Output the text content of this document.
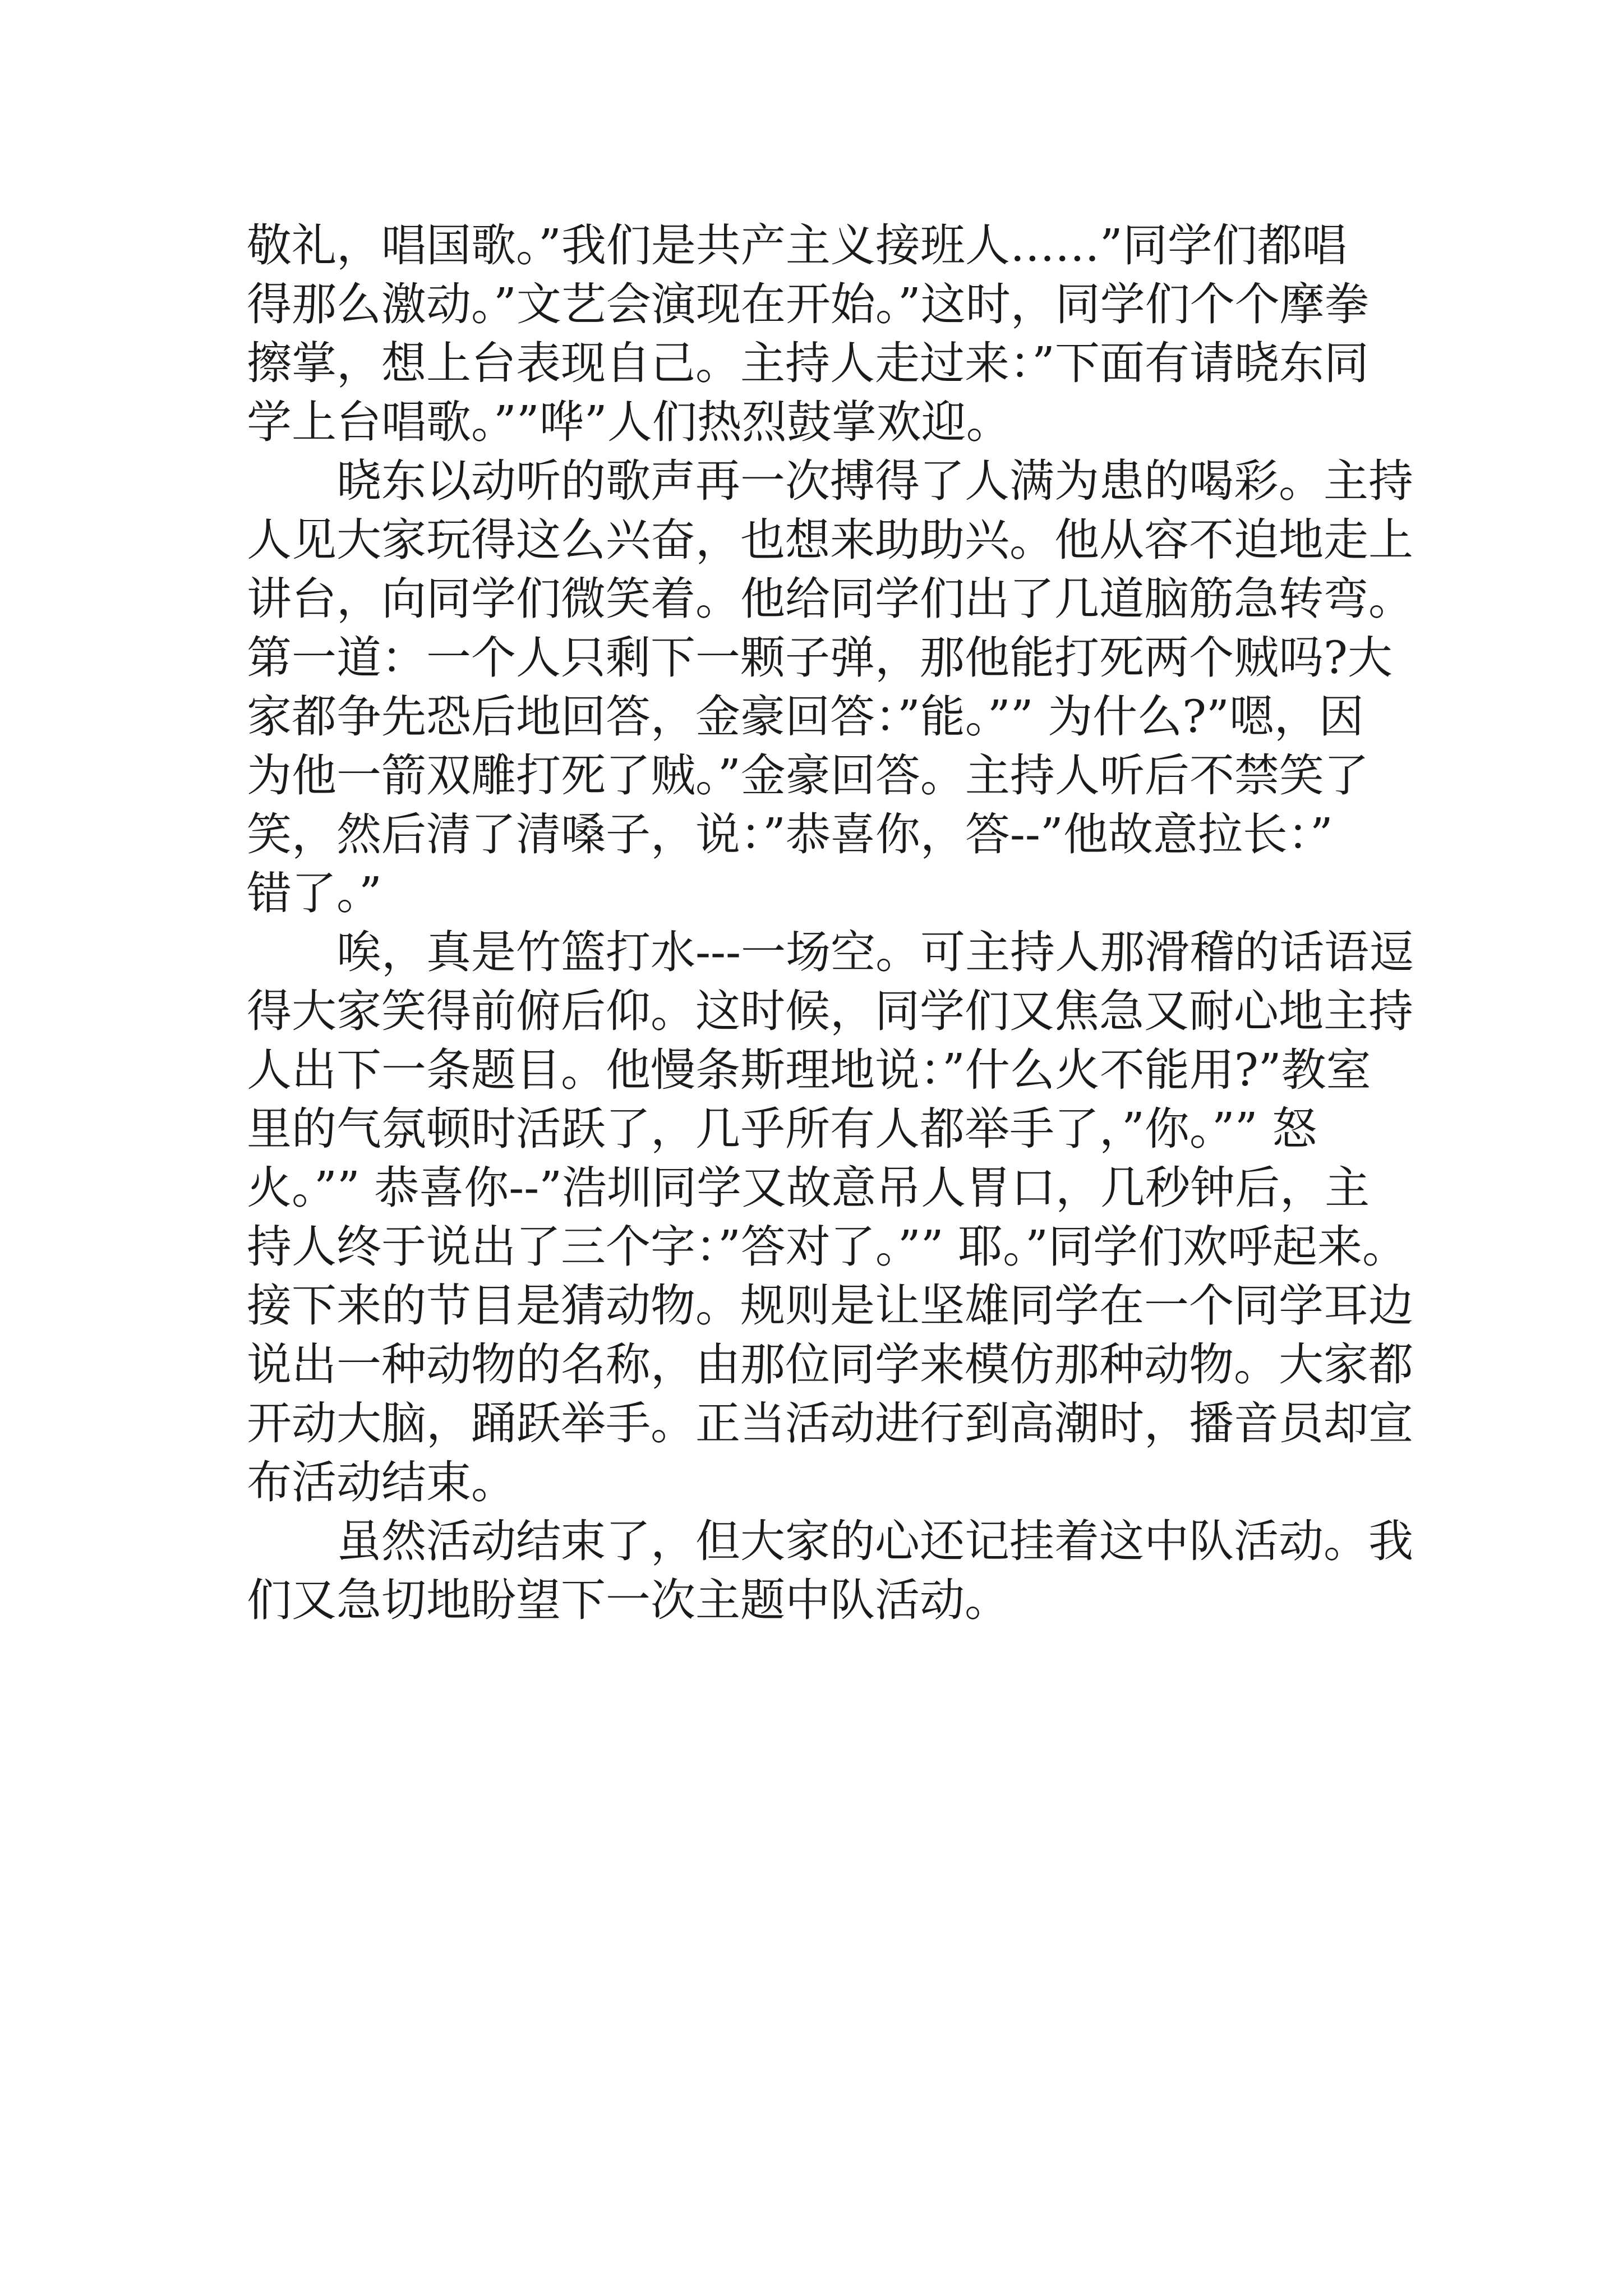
敬礼，唱国歌。”我们是共产主义接班人……”同学们都唱

得那么激动。”文艺会演现在开始。”这时，同学们个个摩拳

擦掌，想上台表现自己。主持人走过来：”下面有请晓东同

学上台唱歌。””哗”人们热烈鼓掌欢迎。

晓东以动听的歌声再一次搏得了人满为患的喝彩。主持

人见大家玩得这么兴奋，也想来助助兴。他从容不迫地走上

讲台，向同学们微笑着。他给同学们出了几道脑筋急转弯。

第一道：一个人只剩下一颗子弹，那他能打死两个贼吗?大

家都争先恐后地回答，金豪回答：”能。”” 为什么?”嗯，因

为他一箭双雕打死了贼。”金豪回答。主持人听后不禁笑了

笑，然后清了清嗓子，说：”恭喜你，答--”他故意拉长：”

错了。”

唉，真是竹篮打水---一场空。可主持人那滑稽的话语逗

得大家笑得前俯后仰。这时候，同学们又焦急又耐心地主持

人出下一条题目。他慢条斯理地说：”什么火不能用?”教室

里的气氛顿时活跃了，几乎所有人都举手了，”你。”” 怒

火。”” 恭喜你--”浩圳同学又故意吊人胃口，几秒钟后，主

持人终于说出了三个字：”答对了。”” 耶。”同学们欢呼起来。

接下来的节目是猜动物。规则是让坚雄同学在一个同学耳边

说出一种动物的名称，由那位同学来模仿那种动物。大家都

开动大脑，踊跃举手。正当活动进行到高潮时，播音员却宣

布活动结束。

虽然活动结束了，但大家的心还记挂着这中队活动。我

们又急切地盼望下一次主题中队活动。
